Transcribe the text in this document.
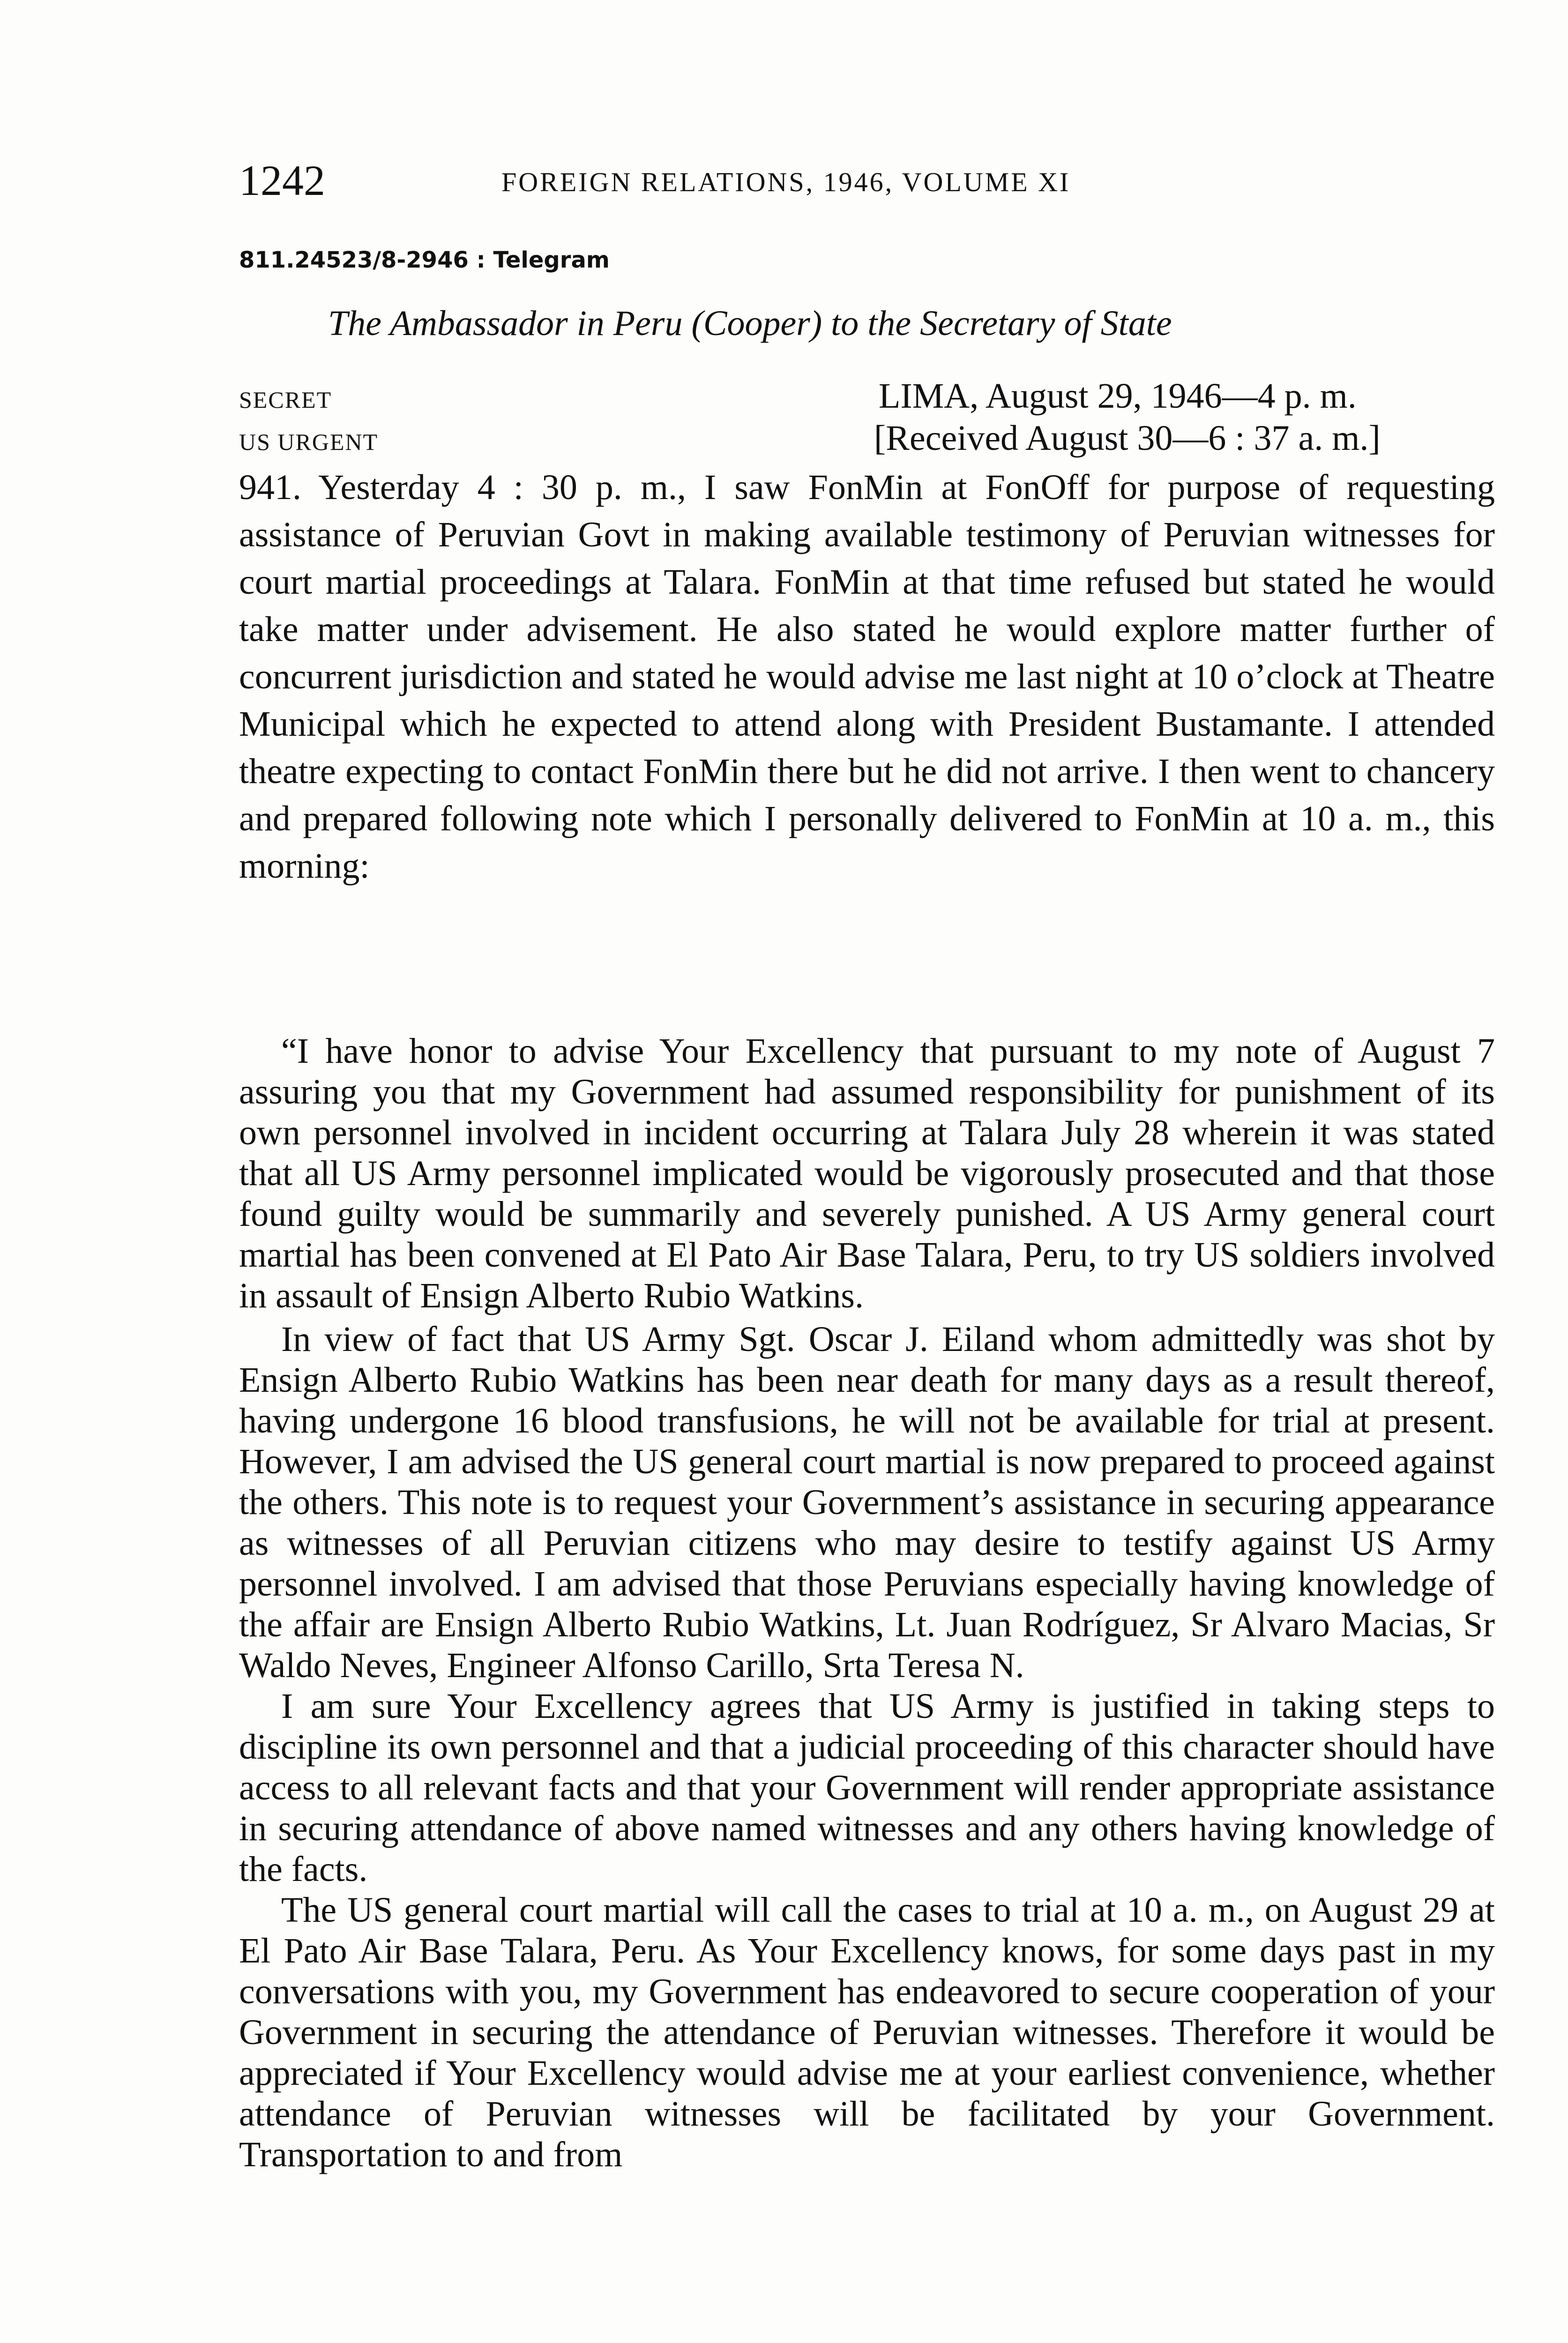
1242	FOREIGN RELATIONS, 1946, VOLUME XI
811.24523/8-2946 : Telegram
The Ambassador in Peru (Cooper) to the Secretary of State
SECRET
US URGENT
LIMA, August 29, 1946—4 p. m.
[Received August 30—6 : 37 a. m.]

941. Yesterday 4 : 30 p. m., I saw FonMin at FonOff for purpose of requesting assistance of Peruvian Govt in making available testimony of Peruvian witnesses for court martial proceedings at Talara. FonMin at that time refused but stated he would take matter under advisement. He also stated he would explore matter further of concurrent jurisdiction and stated he would advise me last night at 10 o’clock at Theatre Municipal which he expected to attend along with President Bustamante. I attended theatre expecting to contact FonMin there but he did not arrive. I then went to chancery and prepared following note which I personally delivered to FonMin at 10 a. m., this morning:

“I have honor to advise Your Excellency that pursuant to my note of August 7 assuring you that my Government had assumed responsibility for punishment of its own personnel involved in incident occurring at Talara July 28 wherein it was stated that all US Army personnel implicated would be vigorously prosecuted and that those found guilty would be summarily and severely punished. A US Army general court martial has been convened at El Pato Air Base Talara, Peru, to try US soldiers involved in assault of Ensign Alberto Rubio Watkins.

In view of fact that US Army Sgt. Oscar J. Eiland whom admittedly was shot by Ensign Alberto Rubio Watkins has been near death for many days as a result thereof, having undergone 16 blood transfusions, he will not be available for trial at present. However, I am advised the US general court martial is now prepared to proceed against the others. This note is to request your Government’s assistance in securing appearance as witnesses of all Peruvian citizens who may desire to testify against US Army personnel involved. I am advised that those Peruvians especially having knowledge of the affair are Ensign Alberto Rubio Watkins, Lt. Juan Rodríguez, Sr Alvaro Macias, Sr Waldo Neves, Engineer Alfonso Carillo, Srta Teresa N.

I am sure Your Excellency agrees that US Army is justified in taking steps to discipline its own personnel and that a judicial proceeding of this character should have access to all relevant facts and that your Government will render appropriate assistance in securing attendance of above named witnesses and any others having knowledge of the facts.

The US general court martial will call the cases to trial at 10 a. m., on August 29 at El Pato Air Base Talara, Peru. As Your Excellency knows, for some days past in my conversations with you, my Government has endeavored to secure cooperation of your Government in securing the attendance of Peruvian witnesses. Therefore it would be appreciated if Your Excellency would advise me at your earliest convenience, whether attendance of Peruvian witnesses will be facilitated by your Government. Transportation to and from
